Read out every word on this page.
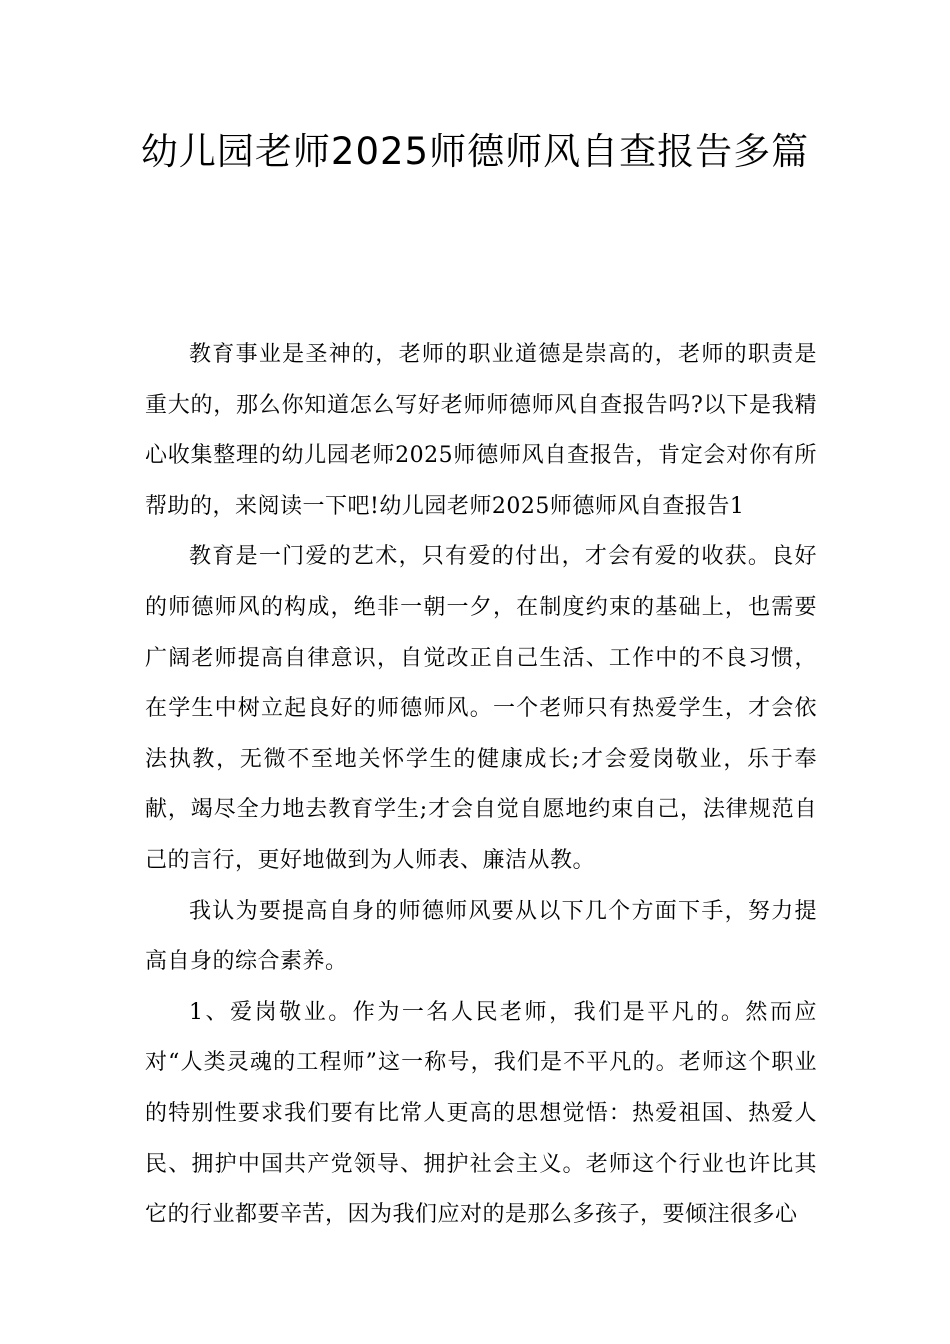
幼儿园老师2025师德师风自查报告多篇

教育事业是圣神的，老师的职业道德是崇高的，老师的职责是重大的，那么你知道怎么写好老师师德师风自查报告吗?以下是我精心收集整理的幼儿园老师2025师德师风自查报告，肯定会对你有所帮助的，来阅读一下吧!幼儿园老师2025师德师风自查报告1

教育是一门爱的艺术，只有爱的付出，才会有爱的收获。良好的师德师风的构成，绝非一朝一夕，在制度约束的基础上，也需要广阔老师提高自律意识，自觉改正自己生活、工作中的不良习惯，在学生中树立起良好的师德师风。一个老师只有热爱学生，才会依法执教，无微不至地关怀学生的健康成长;才会爱岗敬业，乐于奉献，竭尽全力地去教育学生;才会自觉自愿地约束自己，法律规范自己的言行，更好地做到为人师表、廉洁从教。

我认为要提高自身的师德师风要从以下几个方面下手，努力提高自身的综合素养。

1、爱岗敬业。作为一名人民老师，我们是平凡的。然而应对“人类灵魂的工程师”这一称号，我们是不平凡的。老师这个职业的特别性要求我们要有比常人更高的思想觉悟：热爱祖国、热爱人民、拥护中国共产党领导、拥护社会主义。老师这个行业也许比其它的行业都要辛苦，因为我们应对的是那么多孩子，要倾注很多心
